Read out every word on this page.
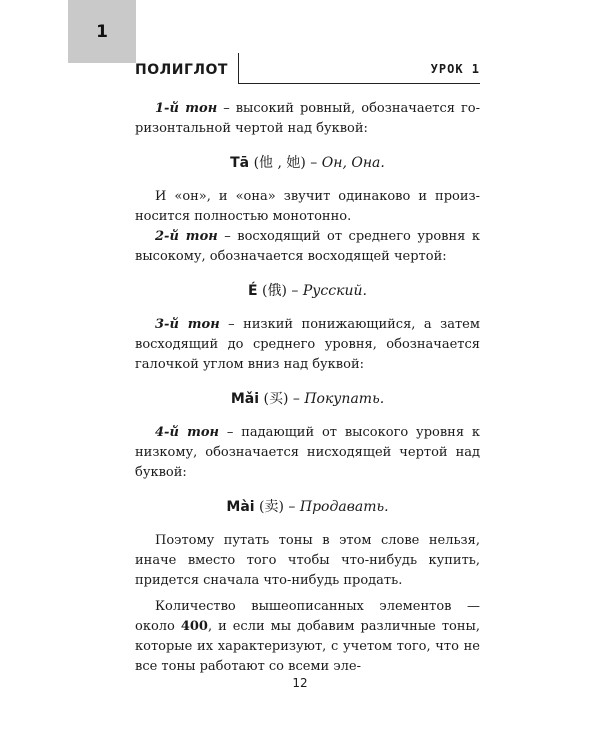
1
ПОЛИГЛОТ	УРОК 1

1-й тон – высокий ровный, обозначается горизонтальной чертой над буквой:

Tā (他 , 她) – Он, Она.

И «он», и «она» звучит одинаково и произносится полностью монотонно.

2-й тон – восходящий от среднего уровня к высокому, обозначается восходящей чертой:

É (俄) – Русский.

3-й тон – низкий понижающийся, а затем восходящий до среднего уровня, обозначается галочкой углом вниз над буквой:

Mǎi (买) – Покупать.

4-й тон – падающий от высокого уровня к низкому, обозначается нисходящей чертой над буквой:

Mài (卖) – Продавать.

Поэтому путать тоны в этом слове нельзя, иначе вместо того чтобы что-нибудь купить, придется сначала что-нибудь продать.

Количество вышеописанных элементов — около 400, и если мы добавим различные тоны, которые их характеризуют, с учетом того, что не все тоны работают со всеми эле-

12
